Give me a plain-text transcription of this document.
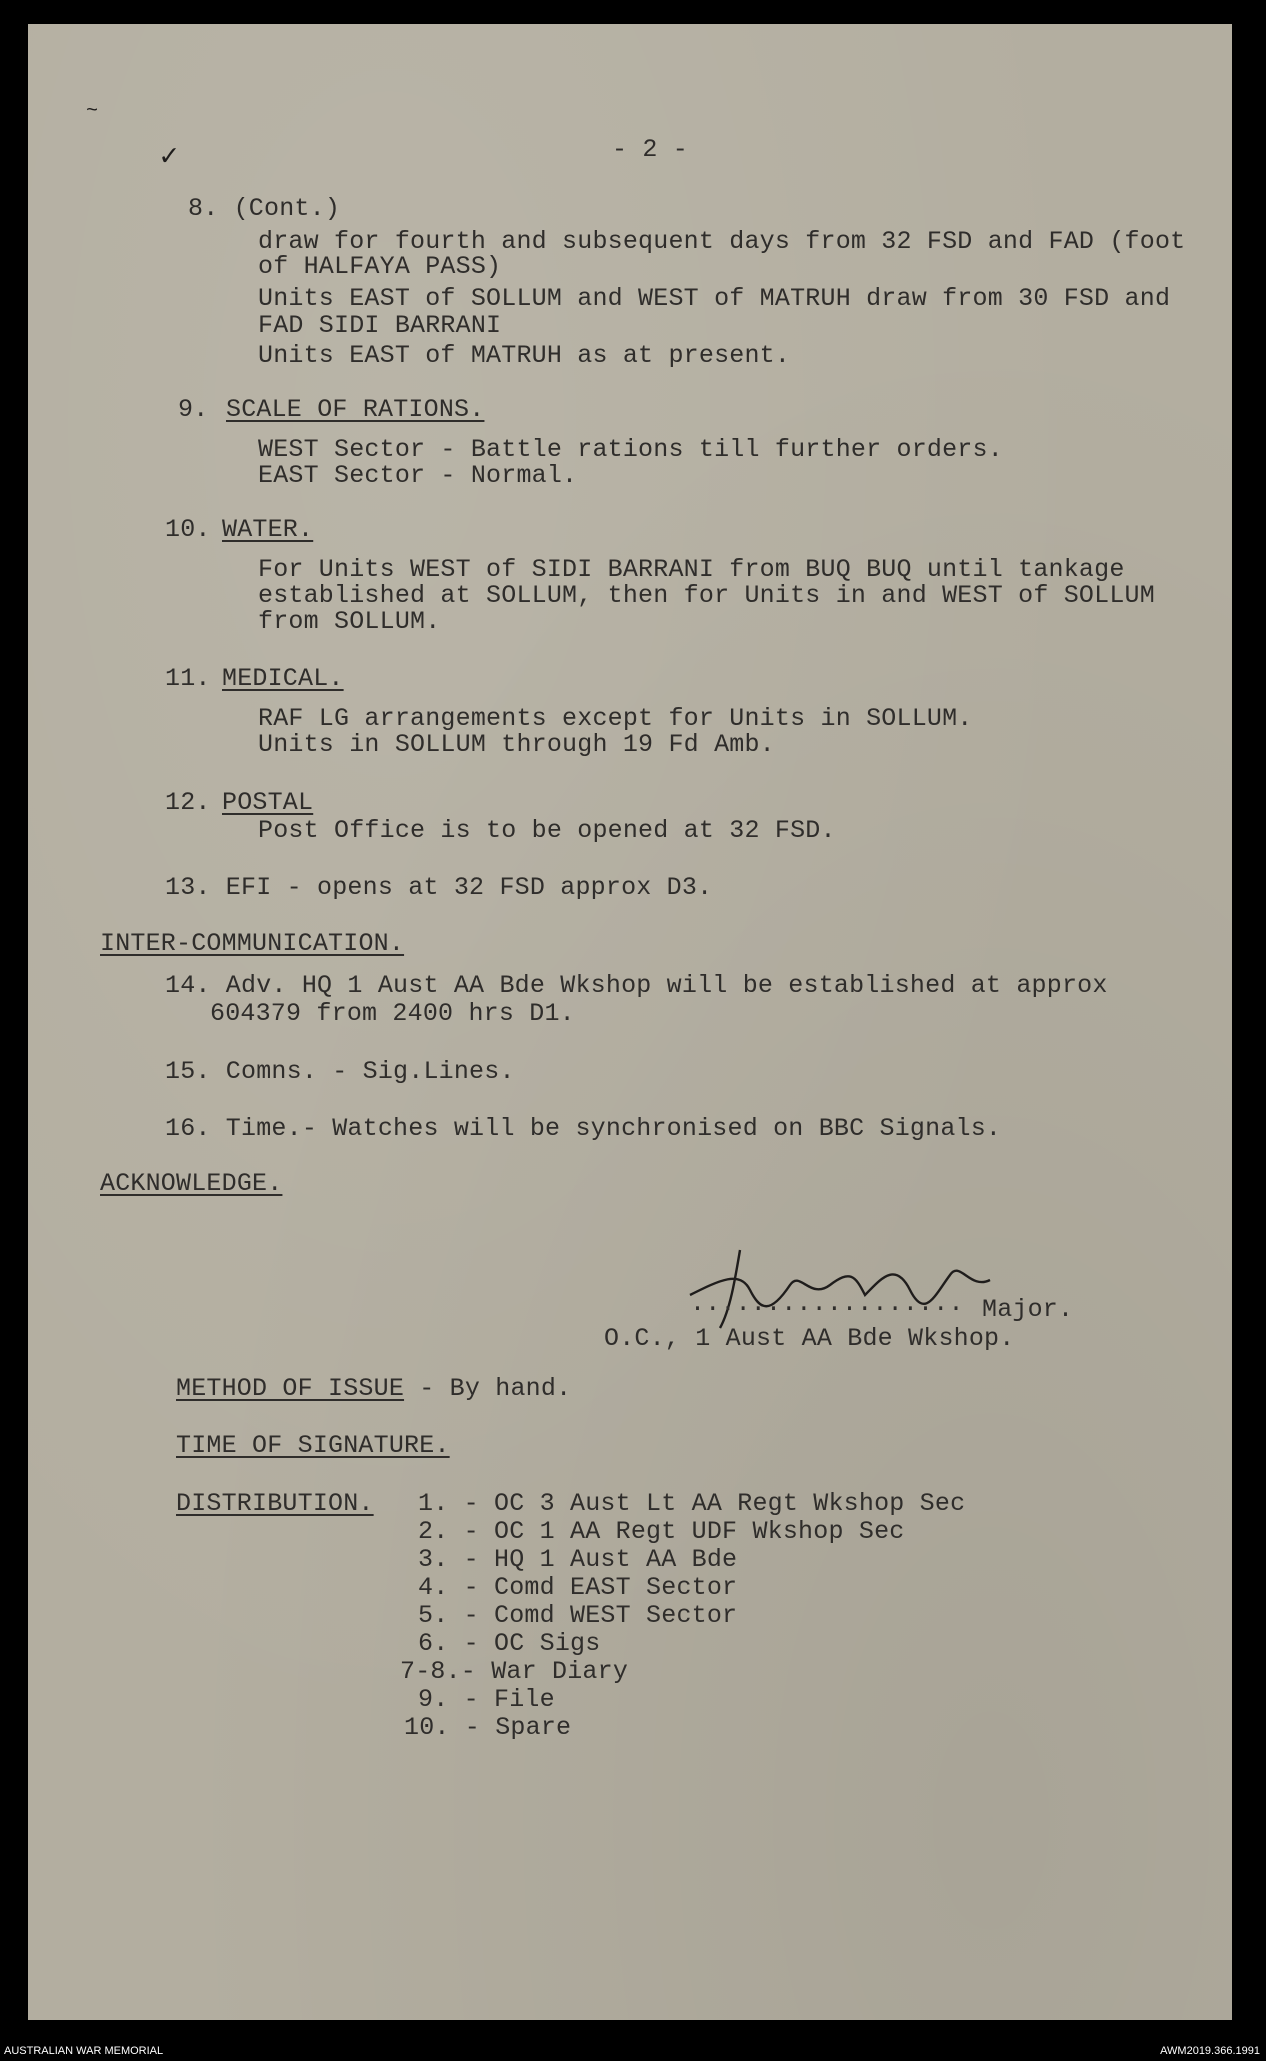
✓
~
- 2 -
8. (Cont.)
draw for fourth and subsequent days from 32 FSD and FAD (foot
of HALFAYA PASS)
Units EAST of SOLLUM and WEST of MATRUH draw from 30 FSD and
FAD SIDI BARRANI
Units EAST of MATRUH as at present.
9. SCALE OF RATIONS.
WEST Sector - Battle rations till further orders.
EAST Sector - Normal.
10. WATER.
For Units WEST of SIDI BARRANI from BUQ BUQ until tankage
established at SOLLUM, then for Units in and WEST of SOLLUM
from SOLLUM.
11. MEDICAL.
RAF LG arrangements except for Units in SOLLUM.
Units in SOLLUM through 19 Fd Amb.
12. POSTAL
Post Office is to be opened at 32 FSD.
13. EFI - opens at 32 FSD approx D3.
INTER-COMMUNICATION.
14. Adv. HQ 1 Aust AA Bde Wkshop will be established at approx
604379 from 2400 hrs D1.
15. Comns. - Sig.Lines.
16. Time.- Watches will be synchronised on BBC Signals.
ACKNOWLEDGE.
.................. Major.
O.C., 1 Aust AA Bde Wkshop.
METHOD OF ISSUE - By hand.
TIME OF SIGNATURE.
DISTRIBUTION. 1. - OC 3 Aust Lt AA Regt Wkshop Sec
2. - OC 1 AA Regt UDF Wkshop Sec
3. - HQ 1 Aust AA Bde
4. - Comd EAST Sector
5. - Comd WEST Sector
6. - OC Sigs
7-8.- War Diary
9. - File
10. - Spare
AUSTRALIAN WAR MEMORIAL	AWM2019.366.1991
